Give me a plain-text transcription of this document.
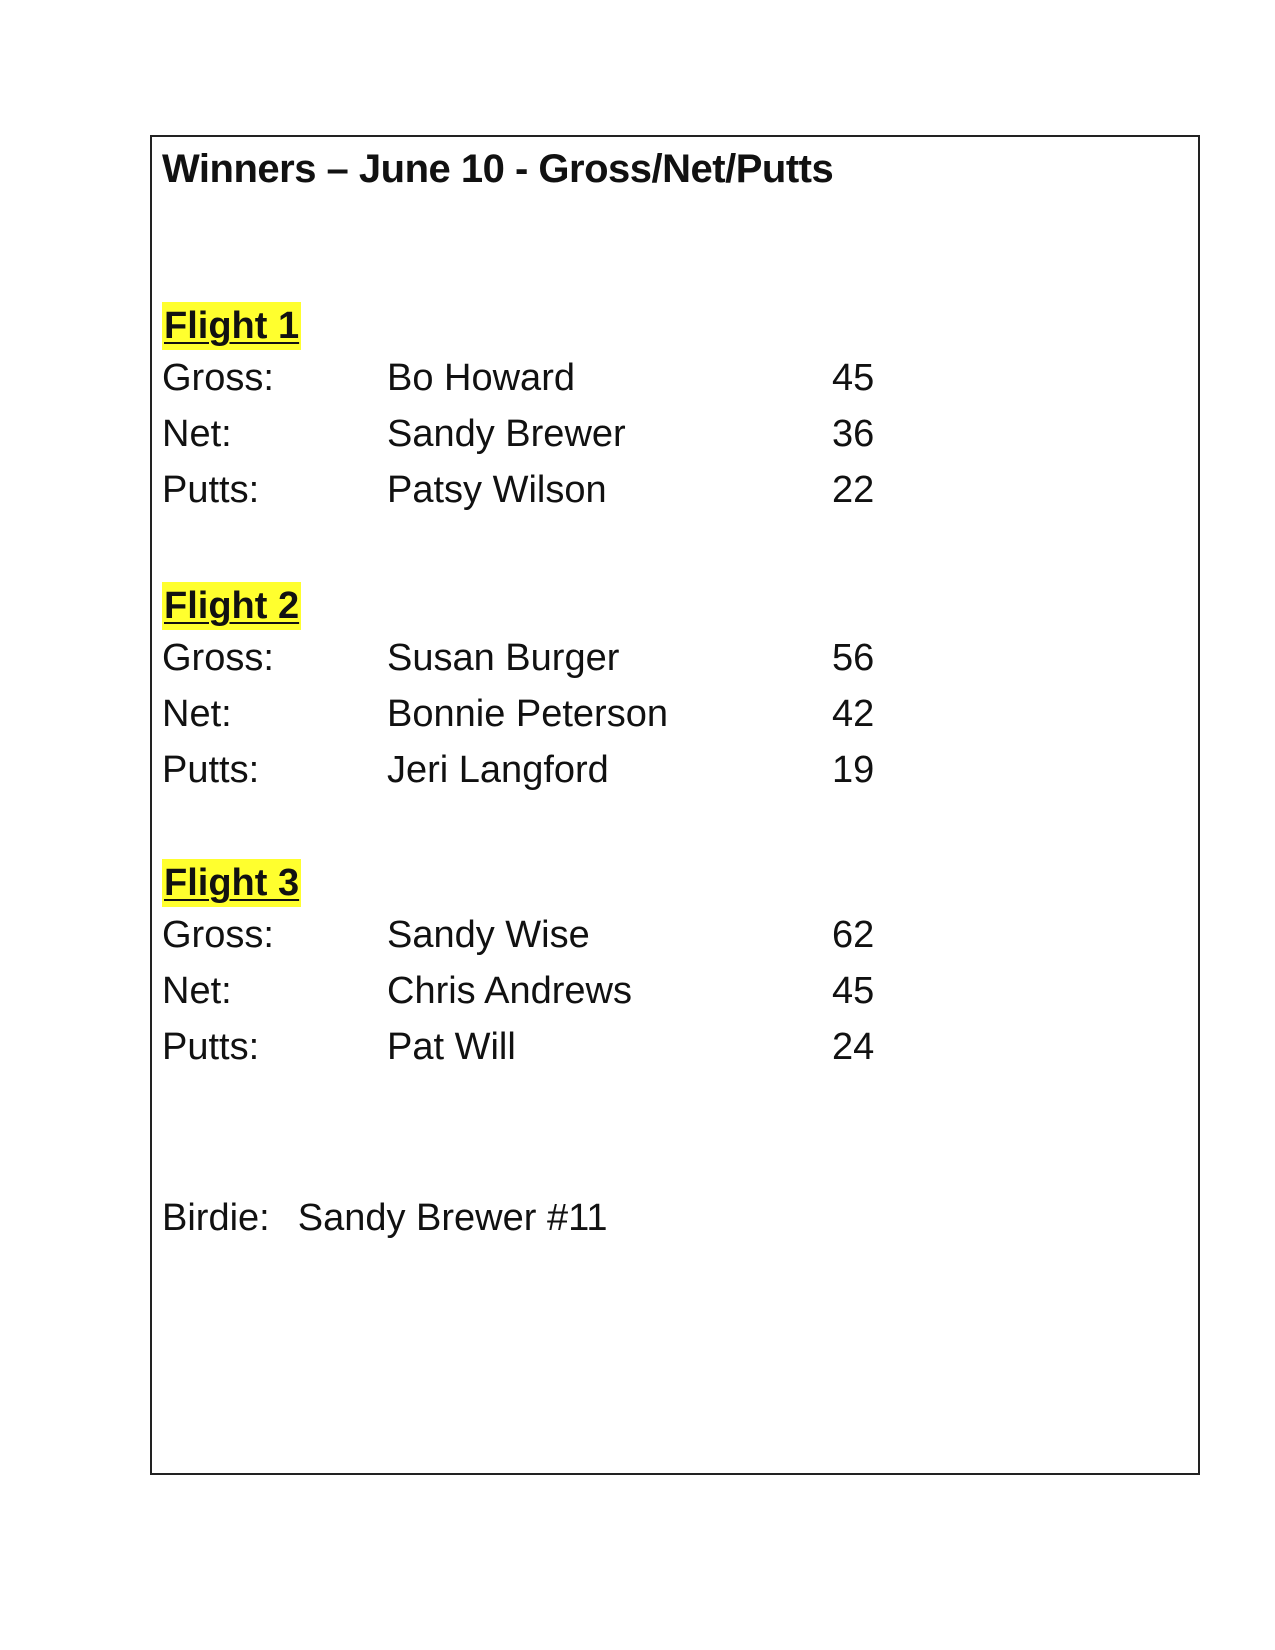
Winners – June 10 - Gross/Net/Putts
Flight 1
Gross:	Bo Howard	45
Net:	Sandy Brewer	36
Putts:	Patsy Wilson	22
Flight 2
Gross:	Susan Burger	56
Net:	Bonnie Peterson	42
Putts:	Jeri Langford	19
Flight 3
Gross:	Sandy Wise	62
Net:	Chris Andrews	45
Putts:	Pat Will	24
Birdie: Sandy Brewer #11
